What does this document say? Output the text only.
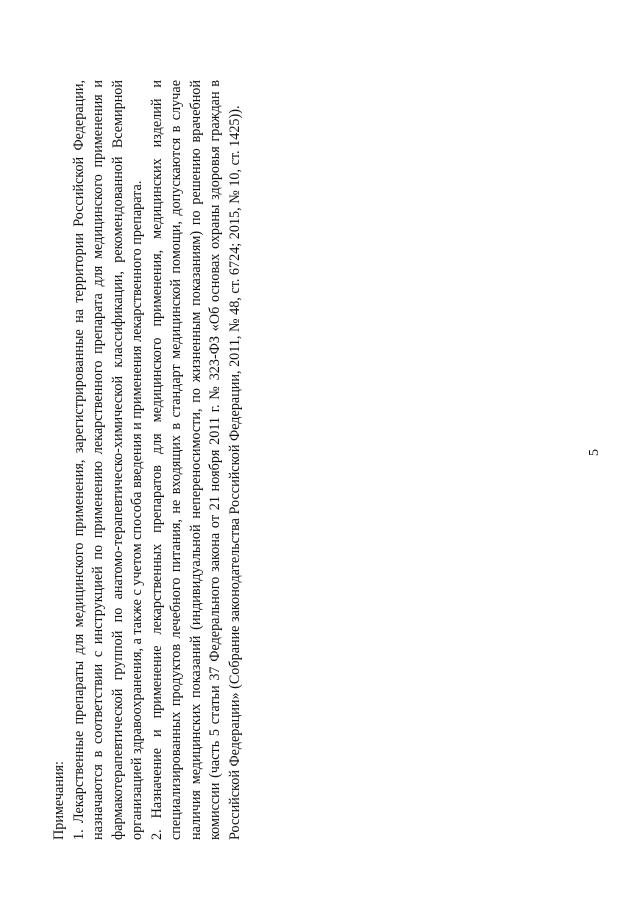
Примечания: 1. Лекарственные препараты для медицинского применения, зарегистрированные на территории Российской Федерации, назначаются в соответствии с инструкцией по применению лекарственного препарата для медицинского применения и фармакотерапевтической группой по анатомо-терапевтическо-химической классификации, рекомендованной Всемирной организацией здравоохранения, а также с учетом способа введения и применения лекарственного препарата. 2. Назначение и применение лекарственных препаратов для медицинского применения, медицинских изделий и специализированных продуктов лечебного питания, не входящих в стандарт медицинской помощи, допускаются в случае наличия медицинских показаний (индивидуальной непереносимости, по жизненным показаниям) по решению врачебной комиссии (часть 5 статьи 37 Федерального закона от 21 ноября 2011 г. № 323-ФЗ «Об основах охраны здоровья граждан в Российской Федерации» (Собрание законодательства Российской Федерации, 2011, № 48, ст. 6724; 2015, № 10, ст. 1425)).	5
